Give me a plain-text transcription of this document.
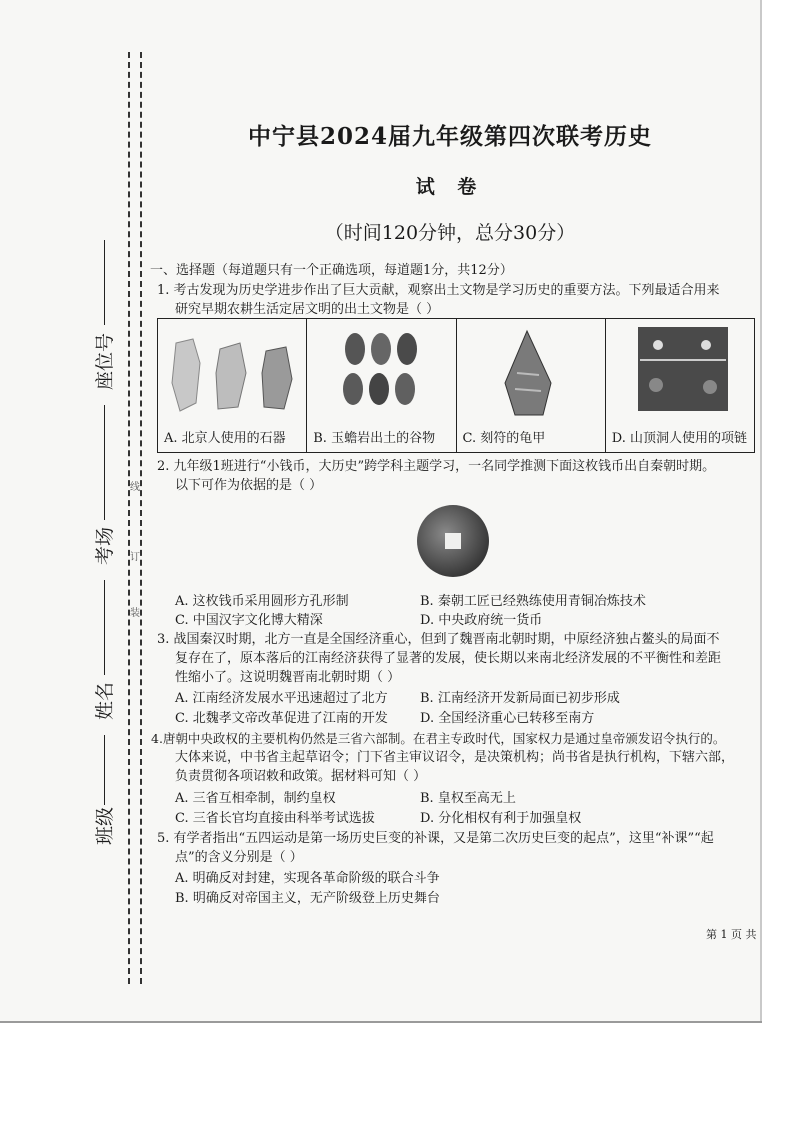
线
订
装
座位号
考场
姓名
班级
中宁县2024届九年级第四次联考历史
试 卷
（时间120分钟，总分30分）
一、选择题（每道题只有一个正确选项，每道题1分，共12分）
1. 考古发现为历史学进步作出了巨大贡献，观察出土文物是学习历史的重要方法。下列最适合用来
研究早期农耕生活定居文明的出土文物是（ ）
A. 北京人使用的石器 B. 玉蟾岩出土的谷物 C. 刻符的龟甲	D. 山顶洞人使用的项链
2. 九年级1班进行“小钱币，大历史”跨学科主题学习，一名同学推测下面这枚钱币出自秦朝时期。
以下可作为依据的是（ ）
A. 这枚钱币采用圆形方孔形制	B. 秦朝工匠已经熟练使用青铜冶炼技术
C. 中国汉字文化博大精深	D. 中央政府统一货币
3. 战国秦汉时期，北方一直是全国经济重心，但到了魏晋南北朝时期，中原经济独占鳌头的局面不
复存在了，原本落后的江南经济获得了显著的发展，使长期以来南北经济发展的不平衡性和差距
性缩小了。这说明魏晋南北朝时期（ ）
A. 江南经济发展水平迅速超过了北方 B. 江南经济开发新局面已初步形成
C. 北魏孝文帝改革促进了江南的开发 D. 全国经济重心已转移至南方
4.唐朝中央政权的主要机构仍然是三省六部制。在君主专政时代，国家权力是通过皇帝颁发诏令执行的。
大体来说，中书省主起草诏令；门下省主审议诏令，是决策机构；尚书省是执行机构，下辖六部，
负责贯彻各项诏敕和政策。据材料可知（ ）
A. 三省互相牵制，制约皇权	B. 皇权至高无上
C. 三省长官均直接由科举考试选拔	D. 分化相权有利于加强皇权
5. 有学者指出“五四运动是第一场历史巨变的补课，又是第二次历史巨变的起点”，这里“补课”“起
点”的含义分别是（ ）
A. 明确反对封建，实现各革命阶级的联合斗争
B. 明确反对帝国主义，无产阶级登上历史舞台
第 1 页 共
